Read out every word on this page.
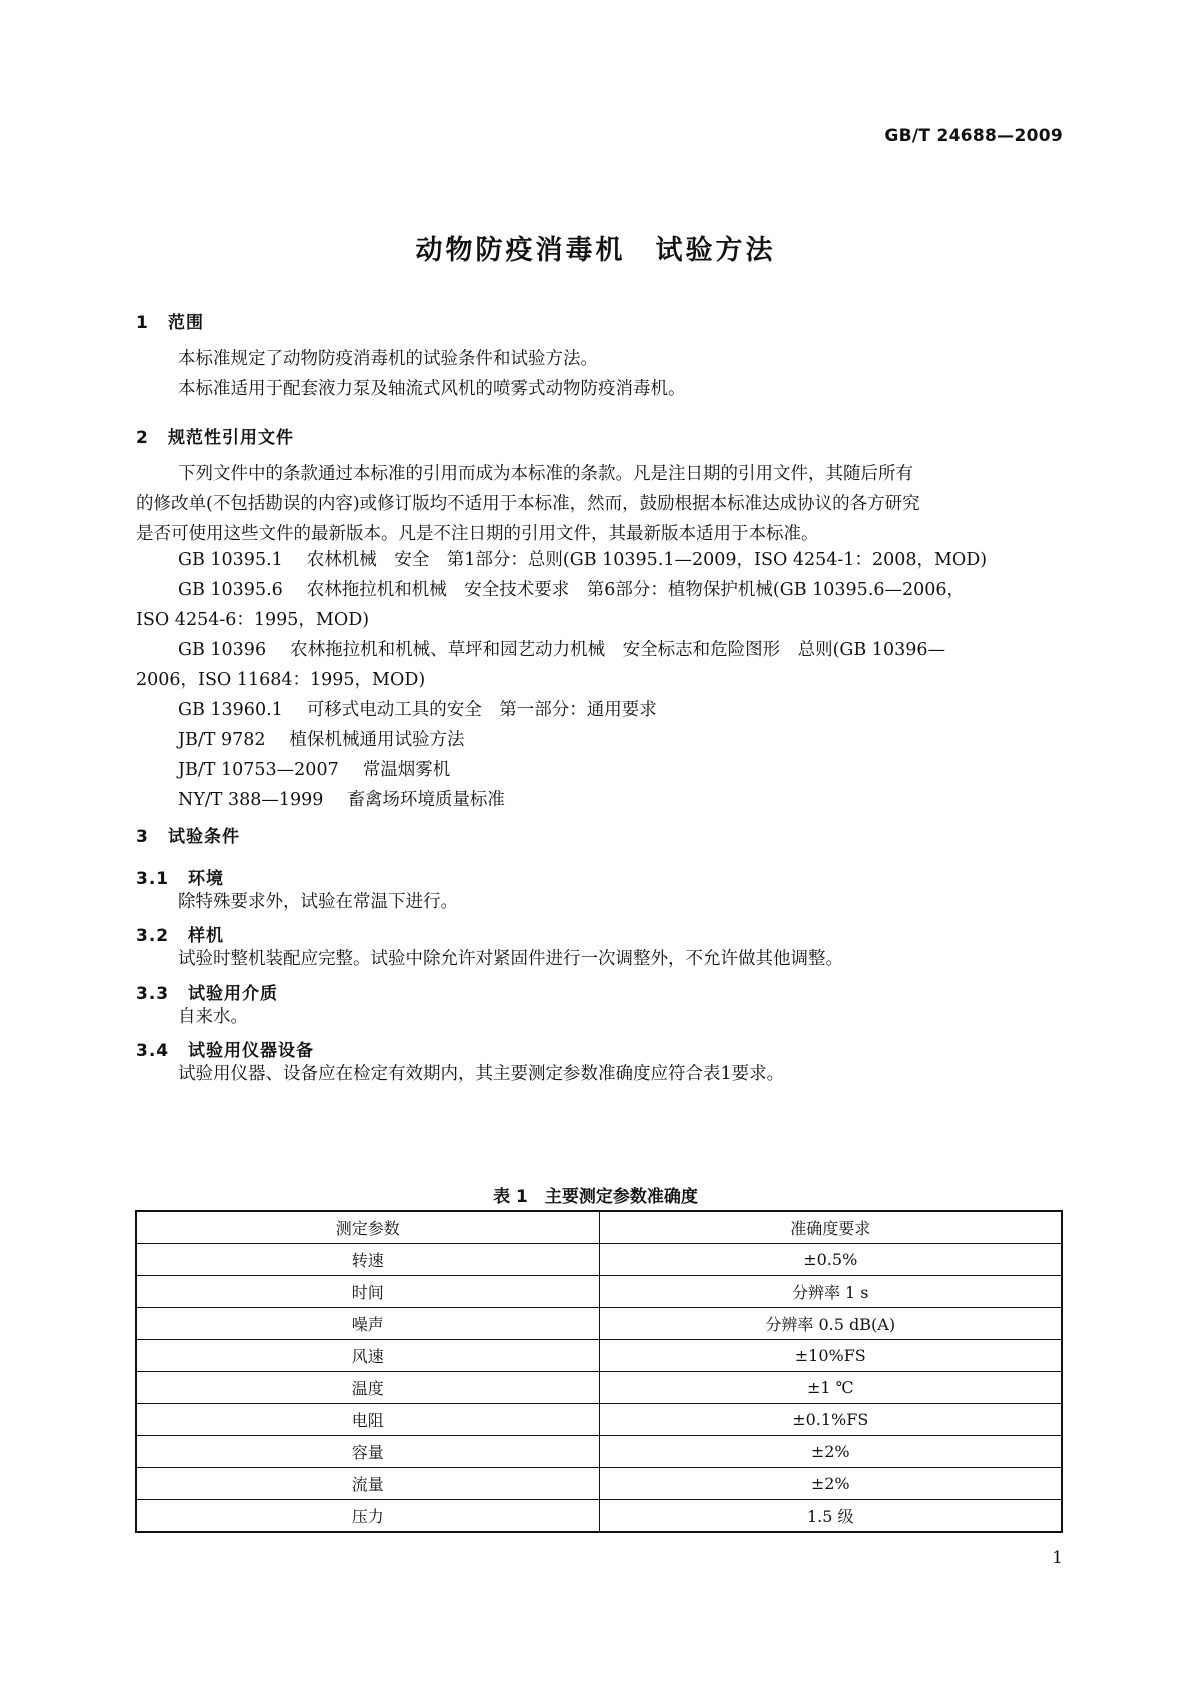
GB/T 24688—2009
动物防疫消毒机　试验方法
1 范围
本标准规定了动物防疫消毒机的试验条件和试验方法。
本标准适用于配套液力泵及轴流式风机的喷雾式动物防疫消毒机。
2 规范性引用文件
下列文件中的条款通过本标准的引用而成为本标准的条款。凡是注日期的引用文件，其随后所有
的修改单(不包括勘误的内容)或修订版均不适用于本标准，然而，鼓励根据本标准达成协议的各方研究
是否可使用这些文件的最新版本。凡是不注日期的引用文件，其最新版本适用于本标准。
GB 10395.1 农林机械　安全　第1部分：总则(GB 10395.1—2009，ISO 4254-1：2008，MOD)
GB 10395.6 农林拖拉机和机械　安全技术要求　第6部分：植物保护机械(GB 10395.6—2006，
ISO 4254-6：1995，MOD)
GB 10396 农林拖拉机和机械、草坪和园艺动力机械　安全标志和危险图形　总则(GB 10396—
2006，ISO 11684：1995，MOD)
GB 13960.1 可移式电动工具的安全　第一部分：通用要求
JB/T 9782 植保机械通用试验方法
JB/T 10753—2007 常温烟雾机
NY/T 388—1999 畜禽场环境质量标准
3 试验条件
3.1 环境
除特殊要求外，试验在常温下进行。
3.2 样机
试验时整机装配应完整。试验中除允许对紧固件进行一次调整外，不允许做其他调整。
3.3 试验用介质
自来水。
3.4 试验用仪器设备
试验用仪器、设备应在检定有效期内，其主要测定参数准确度应符合表1要求。
表 1　主要测定参数准确度
测定参数	准确度要求
转速	±0.5%
时间	分辨率 1 s
噪声	分辨率 0.5 dB(A)
风速	±10%FS
温度	±1 ℃
电阻	±0.1%FS
容量	±2%
流量	±2%
压力	1.5 级
1
